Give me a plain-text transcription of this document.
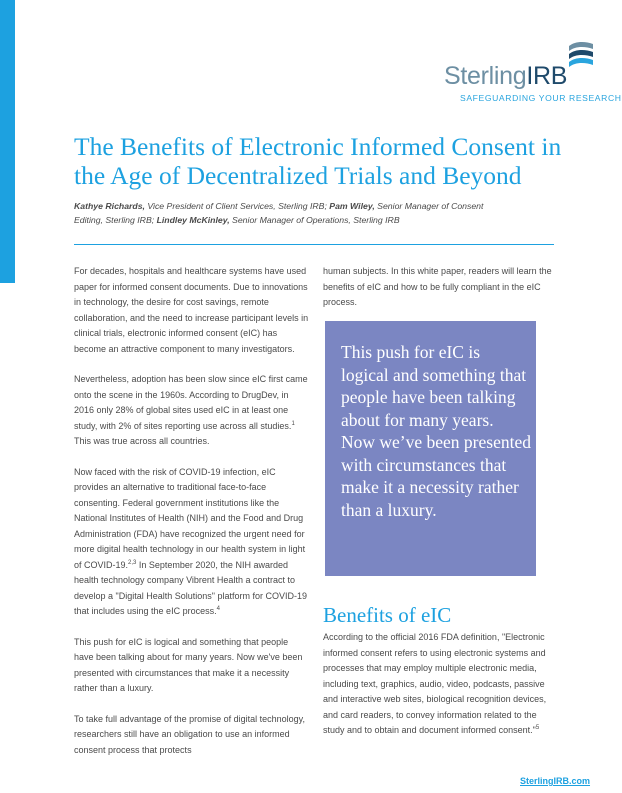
SterlingIRB
SAFEGUARDING YOUR RESEARCH
The Benefits of Electronic Informed Consent in the Age of Decentralized Trials and Beyond

Kathye Richards, Vice President of Client Services, Sterling IRB; Pam Wiley, Senior Manager of Consent Editing, Sterling IRB; Lindley McKinley, Senior Manager of Operations, Sterling IRB

For decades, hospitals and healthcare systems have used paper for informed consent documents. Due to innovations in technology, the desire for cost savings, remote collaboration, and the need to increase participant levels in clinical trials, electronic informed consent (eIC) has become an attractive component to many investigators.

Nevertheless, adoption has been slow since eIC first came onto the scene in the 1960s. According to DrugDev, in 2016 only 28% of global sites used eIC in at least one study, with 2% of sites reporting use across all studies.$^1$ This was true across all countries.

Now faced with the risk of COVID-19 infection, eIC provides an alternative to traditional face-to-face consenting. Federal government institutions like the National Institutes of Health (NIH) and the Food and Drug Administration (FDA) have recognized the urgent need for more digital health technology in our health system in light of COVID-19.$^{2,3}$ In September 2020, the NIH awarded health technology company Vibrent Health a contract to develop a "Digital Health Solutions" platform for COVID-19 that includes using the eIC process.$^4$

This push for eIC is logical and something that people have been talking about for many years. Now we've been presented with circumstances that make it a necessity rather than a luxury.

To take full advantage of the promise of digital technology, researchers still have an obligation to use an informed consent process that protects

human subjects. In this white paper, readers will learn the benefits of eIC and how to be fully compliant in the eIC process.

This push for eIC is logical and something that people have been talking about for many years. Now we’ve been presented with circumstances that make it a necessity rather than a luxury.

Benefits of eIC

According to the official 2016 FDA definition, "Electronic informed consent refers to using electronic systems and processes that may employ multiple electronic media, including text, graphics, audio, video, podcasts, passive and interactive web sites, biological recognition devices, and card readers, to convey information related to the study and to obtain and document informed consent."$^5$

SterlingIRB.com
